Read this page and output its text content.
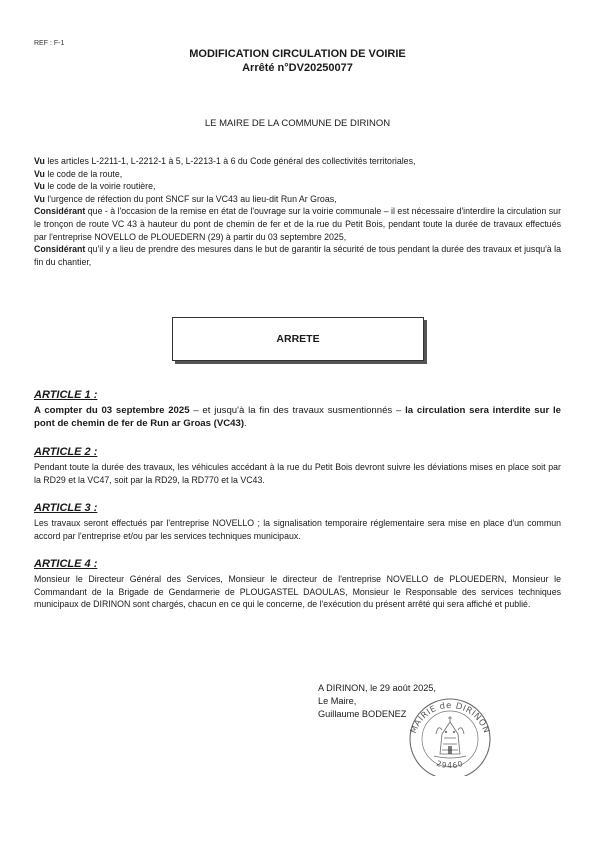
REF : F-1
MODIFICATION CIRCULATION DE VOIRIE
Arrêté n°DV20250077
LE MAIRE DE LA COMMUNE DE DIRINON

Vu les articles L-2211-1, L-2212-1 à 5, L-2213-1 à 6 du Code général des collectivités territoriales,

Vu le code de la route,

Vu le code de la voirie routière,

Vu l'urgence de réfection du pont SNCF sur la VC43 au lieu-dit Run Ar Groas,

Considérant que - à l'occasion de la remise en état de l'ouvrage sur la voirie communale – il est nécessaire d'interdire la circulation sur le tronçon de route VC 43 à hauteur du pont de chemin de fer et de la rue du Petit Bois, pendant toute la durée de travaux effectués par l'entreprise NOVELLO de PLOUEDERN (29) à partir du 03 septembre 2025,

Considérant qu'il y a lieu de prendre des mesures dans le but de garantir la sécurité de tous pendant la durée des travaux et jusqu'à la fin du chantier,

ARRETE
ARTICLE 1 :
A compter du 03 septembre 2025 – et jusqu'à la fin des travaux susmentionnés – la circulation sera interdite sur le pont de chemin de fer de Run ar Groas (VC43).
ARTICLE 2 :
Pendant toute la durée des travaux, les véhicules accédant à la rue du Petit Bois devront suivre les déviations mises en place soit par la RD29 et la VC47, soit par la RD29, la RD770 et la VC43.
ARTICLE 3 :
Les travaux seront effectués par l'entreprise NOVELLO ; la signalisation temporaire réglementaire sera mise en place d'un commun accord par l'entreprise et/ou par les services techniques municipaux.
ARTICLE 4 :
Monsieur le Directeur Général des Services, Monsieur le directeur de l'entreprise NOVELLO de PLOUEDERN, Monsieur le Commandant de la Brigade de Gendarmerie de PLOUGASTEL DAOULAS, Monsieur le Responsable des services techniques municipaux de DIRINON sont chargés, chacun en ce qui le concerne, de l'exécution du présent arrêté qui sera affiché et publié.
A DIRINON, le 29 août 2025,
Le Maire,
Guillaume BODENEZ
MAIRIE de DIRINON
29460
